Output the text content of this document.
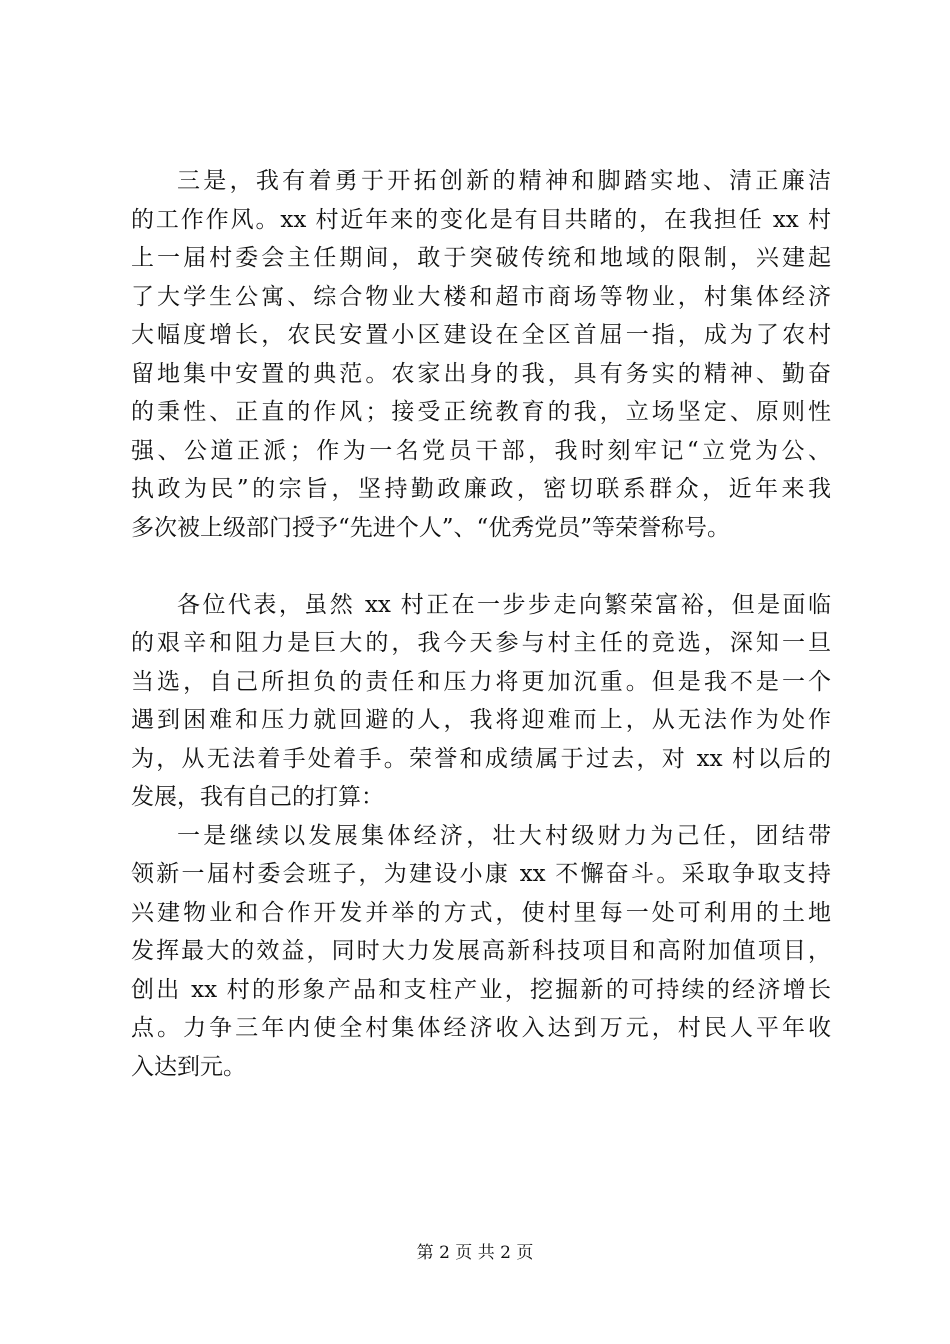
三是，我有着勇于开拓创新的精神和脚踏实地、清正廉洁
的工作作风。xx 村近年来的变化是有目共睹的，在我担任 xx 村
上一届村委会主任期间，敢于突破传统和地域的限制，兴建起
了大学生公寓、综合物业大楼和超市商场等物业，村集体经济
大幅度增长，农民安置小区建设在全区首屈一指，成为了农村
留地集中安置的典范。农家出身的我，具有务实的精神、勤奋
的秉性、正直的作风；接受正统教育的我，立场坚定、原则性
强、公道正派；作为一名党员干部，我时刻牢记“立党为公、
执政为民”的宗旨，坚持勤政廉政，密切联系群众，近年来我
多次被上级部门授予“先进个人”、“优秀党员”等荣誉称号。
各位代表，虽然 xx 村正在一步步走向繁荣富裕，但是面临
的艰辛和阻力是巨大的，我今天参与村主任的竞选，深知一旦
当选，自己所担负的责任和压力将更加沉重。但是我不是一个
遇到困难和压力就回避的人，我将迎难而上，从无法作为处作
为，从无法着手处着手。荣誉和成绩属于过去，对 xx 村以后的
发展，我有自己的打算：
一是继续以发展集体经济，壮大村级财力为己任，团结带
领新一届村委会班子，为建设小康 xx 不懈奋斗。采取争取支持
兴建物业和合作开发并举的方式，使村里每一处可利用的土地
发挥最大的效益，同时大力发展高新科技项目和高附加值项目，
创出 xx 村的形象产品和支柱产业，挖掘新的可持续的经济增长
点。力争三年内使全村集体经济收入达到万元，村民人平年收
入达到元。
第 2 页 共 2 页
